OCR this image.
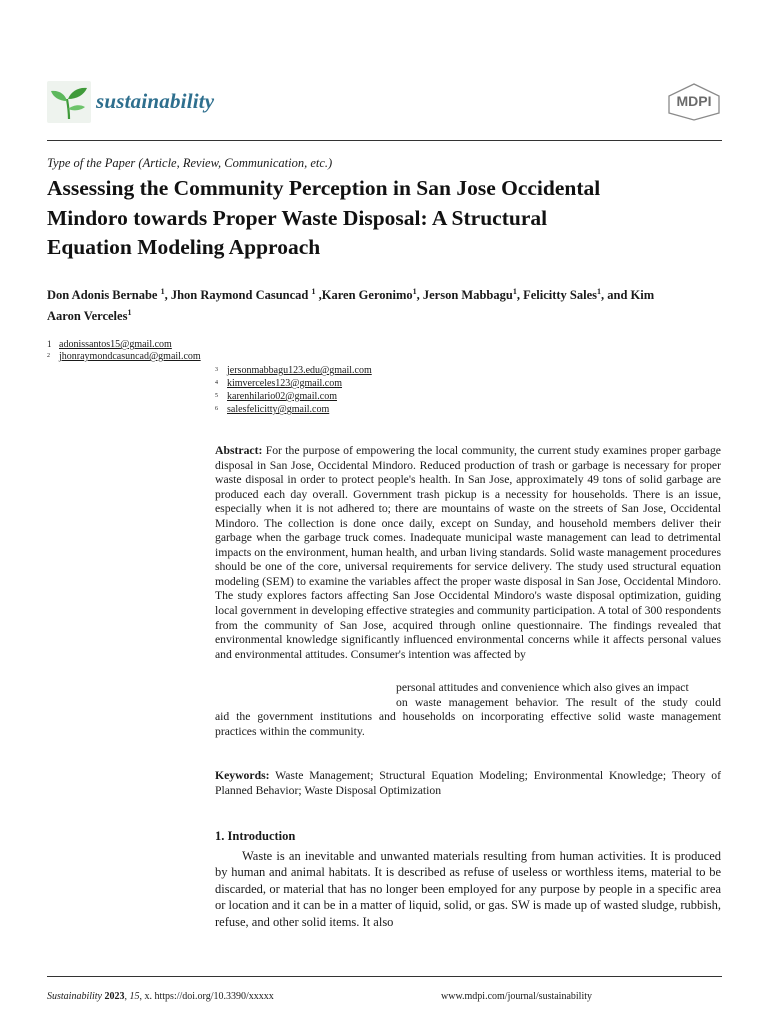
sustainability	MDPI
Type of the Paper (Article, Review, Communication, etc.)
Assessing the Community Perception in San Jose Occidental
Mindoro towards Proper Waste Disposal: A Structural
Equation Modeling Approach
Don Adonis Bernabe $^1$, Jhon Raymond Casuncad $^1$ ,Karen Geronimo$^1$, Jerson Mabbagu$^1$, Felicitty Sales$^1$, and Kim
Aaron Verceles$^1$
1 adonissantos15@gmail.com
2 jhonraymondcasuncad@gmail.com
3 jersonmabbagu123.edu@gmail.com
4 kimverceles123@gmail.com
5 karenhilario02@gmail.com
6 salesfelicitty@gmail.com
Abstract: For the purpose of empowering the local community, the current study examines proper garbage disposal in San Jose, Occidental Mindoro. Reduced production of trash or garbage is necessary for proper waste disposal in order to protect people's health. In San Jose, approximately 49 tons of solid garbage are produced each day overall. Government trash pickup is a necessity for households. There is an issue, especially when it is not adhered to; there are mountains of waste on the streets of San Jose, Occidental Mindoro. The collection is done once daily, except on Sunday, and household members deliver their garbage when the garbage truck comes. Inadequate municipal waste management can lead to detrimental impacts on the environment, human health, and urban living standards. Solid waste management procedures should be one of the core, universal requirements for service delivery. The study used structural equation modeling (SEM) to examine the variables affect the proper waste disposal in San Jose, Occidental Mindoro. The study explores factors affecting San Jose Occidental Mindoro's waste disposal optimization, guiding local government in developing effective strategies and community participation. A total of 300 respondents from the community of San Jose, acquired through online questionnaire. The findings revealed that environmental knowledge significantly influenced environmental concerns while it affects personal values and environmental attitudes. Consumer's intention was affected by
personal attitudes and convenience which also gives an impact
on waste management behavior. The result of the study could
aid the government institutions and households on incorporating effective solid waste management practices within the community.
Keywords: Waste Management; Structural Equation Modeling; Environmental Knowledge; Theory of Planned Behavior; Waste Disposal Optimization
1. Introduction
Waste is an inevitable and unwanted materials resulting from human activities. It is produced by human and animal habitats. It is described as refuse of useless or worthless items, material to be discarded, or material that has no longer been employed for any purpose by people in a specific area or location and it can be in a matter of liquid, solid, or gas. SW is made up of wasted sludge, rubbish, refuse, and other solid items. It also
Sustainability 2023, 15, x. https://doi.org/10.3390/xxxxx	www.mdpi.com/journal/sustainability
